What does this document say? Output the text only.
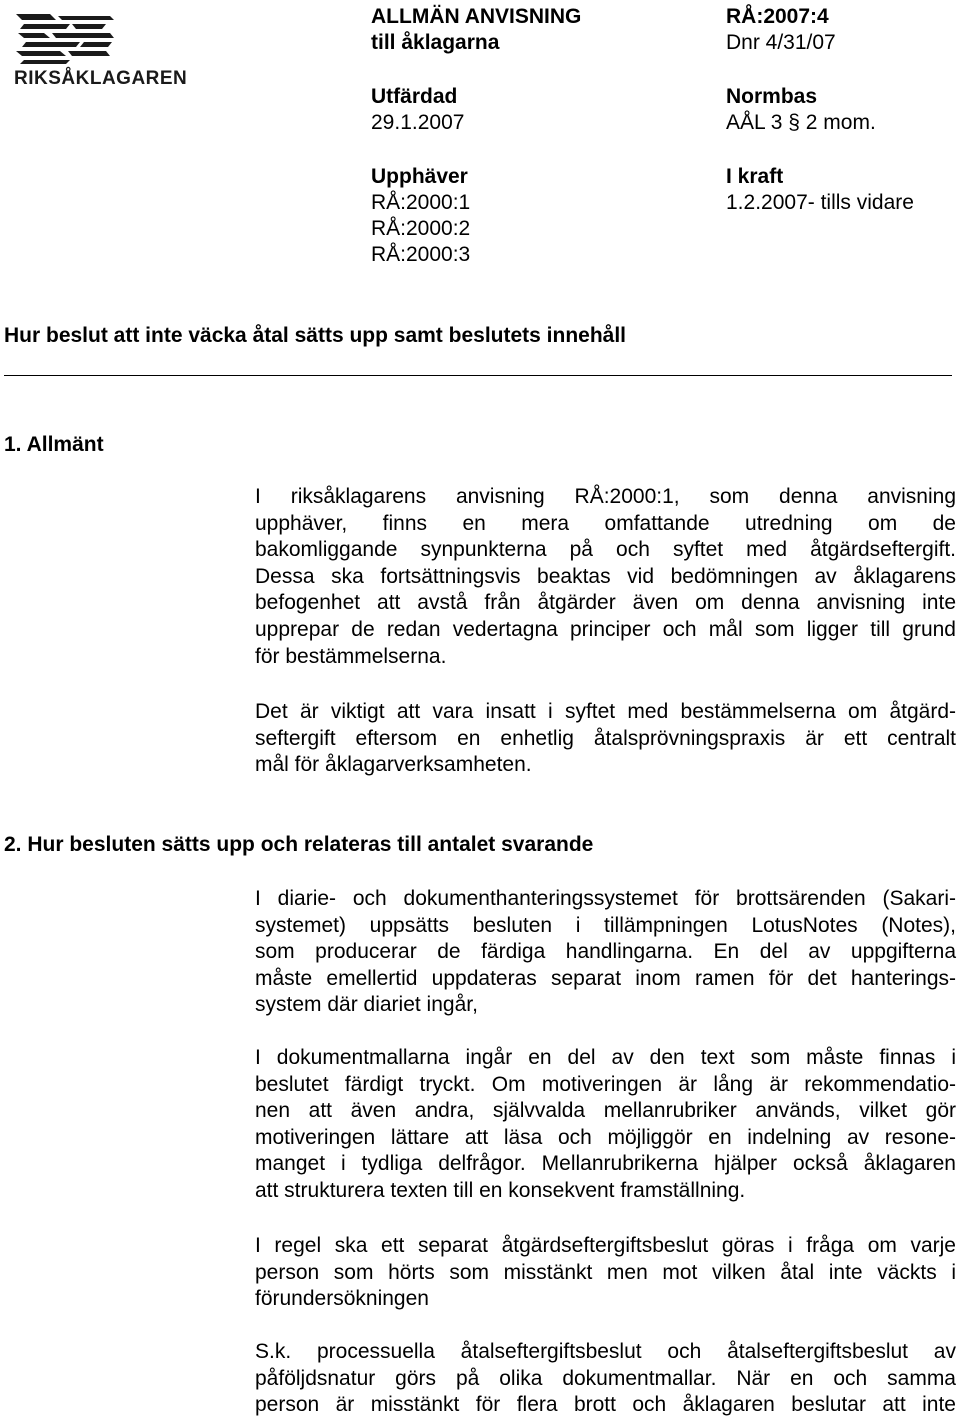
RIKSÅKLAGAREN
ALLMÄN ANVISNING
till åklagarna
Utfärdad
29.1.2007
Upphäver
RÅ:2000:1
RÅ:2000:2
RÅ:2000:3
RÅ:2007:4
Dnr 4/31/07
Normbas
AÅL 3 § 2 mom.
I kraft
1.2.2007- tills vidare
Hur beslut att inte väcka åtal sätts upp samt beslutets innehåll
1. Allmänt

I riksåklagarens anvisning RÅ:2000:1, som denna anvisning

upphäver, finns en mera omfattande utredning om de

bakomliggande synpunkterna på och syftet med åtgärdseftergift.

Dessa ska fortsättningsvis beaktas vid bedömningen av åklagarens

befogenhet att avstå från åtgärder även om denna anvisning inte

upprepar de redan vedertagna principer och mål som ligger till grund

för bestämmelserna.

Det är viktigt att vara insatt i syftet med bestämmelserna om åtgärd-

seftergift eftersom en enhetlig åtalsprövningspraxis är ett centralt

mål för åklagarverksamheten.

2. Hur besluten sätts upp och relateras till antalet svarande

I diarie- och dokumenthanteringssystemet för brottsärenden (Sakari-

systemet) uppsätts besluten i tillämpningen LotusNotes (Notes),

som producerar de färdiga handlingarna. En del av uppgifterna

måste emellertid uppdateras separat inom ramen för det hanterings-

system där diariet ingår,

I dokumentmallarna ingår en del av den text som måste finnas i

beslutet färdigt tryckt. Om motiveringen är lång är rekommendatio-

nen att även andra, självvalda mellanrubriker används, vilket gör

motiveringen lättare att läsa och möjliggör en indelning av resone-

manget i tydliga delfrågor. Mellanrubrikerna hjälper också åklagaren

att strukturera texten till en konsekvent framställning.

I regel ska ett separat åtgärdseftergiftsbeslut göras i fråga om varje

person som hörts som misstänkt men mot vilken åtal inte väckts i

förundersökningen

S.k. processuella åtalseftergiftsbeslut och åtalseftergiftsbeslut av

påföljdsnatur görs på olika dokumentmallar. När en och samma

person är misstänkt för flera brott och åklagaren beslutar att inte
